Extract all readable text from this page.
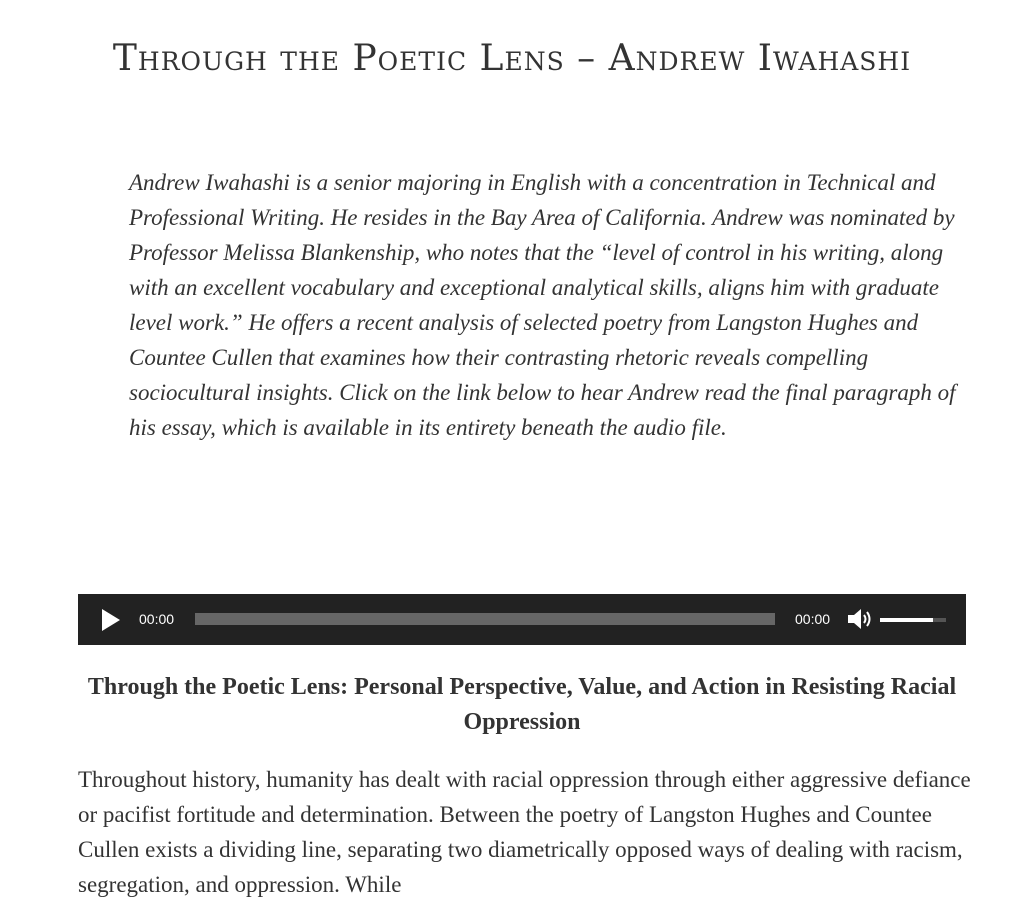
Through the Poetic Lens – Andrew Iwahashi

Andrew Iwahashi is a senior majoring in English with a concentration in Technical and Professional Writing. He resides in the Bay Area of California. Andrew was nominated by Professor Melissa Blankenship, who notes that the “level of control in his writing, along with an excellent vocabulary and exceptional analytical skills, aligns him with graduate level work.” He offers a recent analysis of selected poetry from Langston Hughes and Countee Cullen that examines how their contrasting rhetoric reveals compelling sociocultural insights. Click on the link below to hear Andrew read the final paragraph of his essay, which is available in its entirety beneath the audio file.

00:00	00:00
Through the Poetic Lens: Personal Perspective, Value, and Action in Resisting Racial Oppression

Throughout history, humanity has dealt with racial oppression through either aggressive defiance or pacifist fortitude and determination. Between the poetry of Langston Hughes and Countee Cullen exists a dividing line, separating two diametrically opposed ways of dealing with racism, segregation, and oppression. While
